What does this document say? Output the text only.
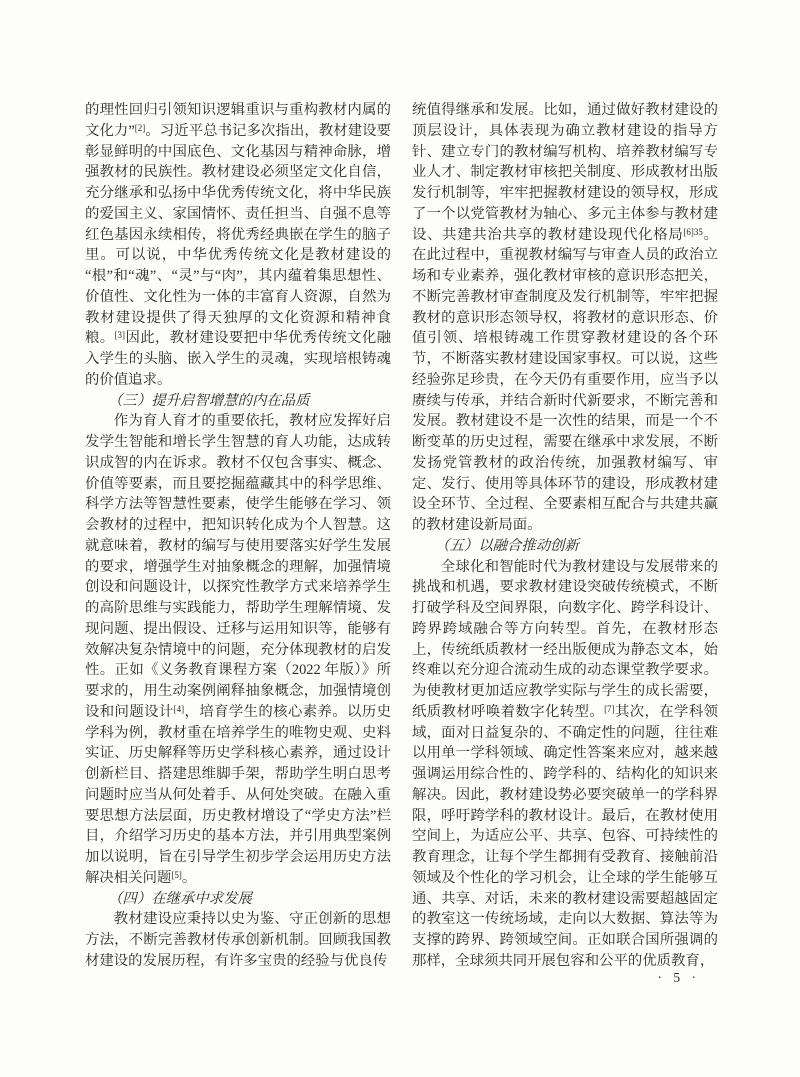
的理性回归引领知识逻辑重识与重构教材内属的文化力”[2]。习近平总书记多次指出，教材建设要彰显鲜明的中国底色、文化基因与精神命脉，增强教材的民族性。教材建设必须坚定文化自信，充分继承和弘扬中华优秀传统文化，将中华民族的爱国主义、家国情怀、责任担当、自强不息等红色基因永续相传，将优秀经典嵌在学生的脑子里。可以说，中华优秀传统文化是教材建设的“根”和“魂”、“灵”与“肉”，其内蕴着集思想性、价值性、文化性为一体的丰富育人资源，自然为教材建设提供了得天独厚的文化资源和精神食粮。[3]因此，教材建设要把中华优秀传统文化融入学生的头脑、嵌入学生的灵魂，实现培根铸魂的价值追求。

（三）提升启智增慧的内在品质

作为育人育才的重要依托，教材应发挥好启发学生智能和增长学生智慧的育人功能，达成转识成智的内在诉求。教材不仅包含事实、概念、价值等要素，而且要挖掘蕴藏其中的科学思维、科学方法等智慧性要素，使学生能够在学习、领会教材的过程中，把知识转化成为个人智慧。这就意味着，教材的编写与使用要落实好学生发展的要求，增强学生对抽象概念的理解，加强情境创设和问题设计，以探究性教学方式来培养学生的高阶思维与实践能力，帮助学生理解情境、发现问题、提出假设、迁移与运用知识等，能够有效解决复杂情境中的问题，充分体现教材的启发性。正如《义务教育课程方案（2022 年版）》所要求的，用生动案例阐释抽象概念，加强情境创设和问题设计[4]，培育学生的核心素养。以历史学科为例，教材重在培养学生的唯物史观、史料实证、历史解释等历史学科核心素养，通过设计创新栏目、搭建思维脚手架，帮助学生明白思考问题时应当从何处着手、从何处突破。在融入重要思想方法层面，历史教材增设了“学史方法”栏目，介绍学习历史的基本方法，并引用典型案例加以说明，旨在引导学生初步学会运用历史方法解决相关问题[5]。

（四）在继承中求发展

教材建设应秉持以史为鉴、守正创新的思想方法，不断完善教材传承创新机制。回顾我国教材建设的发展历程，有许多宝贵的经验与优良传

统值得继承和发展。比如，通过做好教材建设的顶层设计，具体表现为确立教材建设的指导方针、建立专门的教材编写机构、培养教材编写专业人才、制定教材审核把关制度、形成教材出版发行机制等，牢牢把握教材建设的领导权，形成了一个以党管教材为轴心、多元主体参与教材建设、共建共治共享的教材建设现代化格局$^{[6]35}$。在此过程中，重视教材编写与审查人员的政治立场和专业素养，强化教材审核的意识形态把关，不断完善教材审查制度及发行机制等，牢牢把握教材的意识形态领导权，将教材的意识形态、价值引领、培根铸魂工作贯穿教材建设的各个环节，不断落实教材建设国家事权。可以说，这些经验弥足珍贵，在今天仍有重要作用，应当予以赓续与传承，并结合新时代新要求，不断完善和发展。教材建设不是一次性的结果，而是一个不断变革的历史过程，需要在继承中求发展，不断发扬党管教材的政治传统，加强教材编写、审定、发行、使用等具体环节的建设，形成教材建设全环节、全过程、全要素相互配合与共建共赢的教材建设新局面。

（五）以融合推动创新

全球化和智能时代为教材建设与发展带来的挑战和机遇，要求教材建设突破传统模式，不断打破学科及空间界限，向数字化、跨学科设计、跨界跨域融合等方向转型。首先，在教材形态上，传统纸质教材一经出版便成为静态文本，始终难以充分迎合流动生成的动态课堂教学要求。为使教材更加适应教学实际与学生的成长需要，纸质教材呼唤着数字化转型。[7]其次，在学科领域，面对日益复杂的、不确定性的问题，往往难以用单一学科领域、确定性答案来应对，越来越强调运用综合性的、跨学科的、结构化的知识来解决。因此，教材建设势必要突破单一的学科界限，呼吁跨学科的教材设计。最后，在教材使用空间上，为适应公平、共享、包容、可持续性的教育理念，让每个学生都拥有受教育、接触前沿领域及个性化的学习机会，让全球的学生能够互通、共享、对话，未来的教材建设需要超越固定的教室这一传统场域，走向以大数据、算法等为支撑的跨界、跨领域空间。正如联合国所强调的那样，全球须共同开展包容和公平的优质教育，

· 5 ·
